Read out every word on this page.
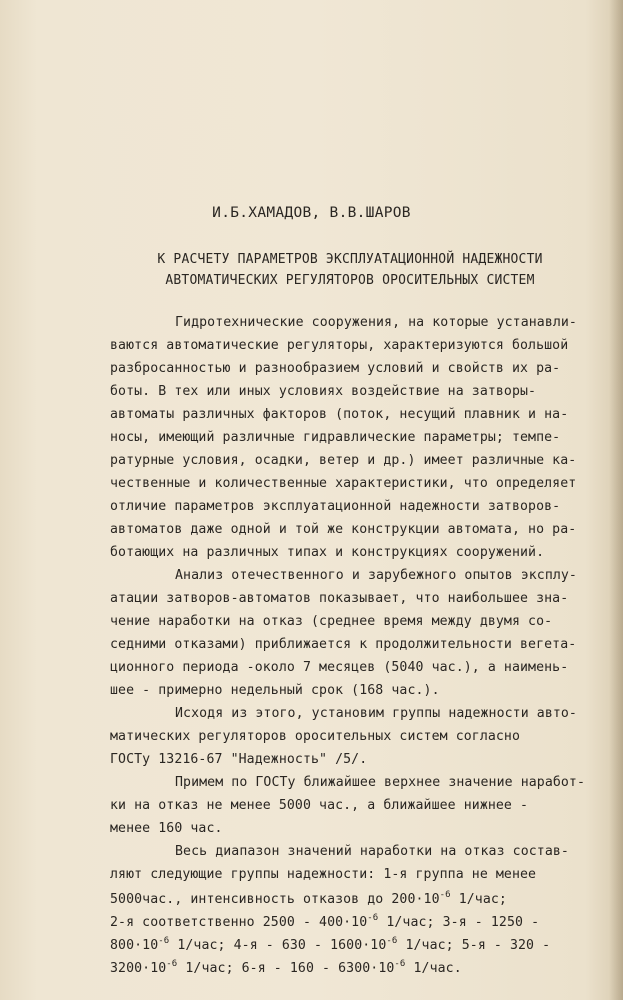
И.Б.ХАМАДОВ, В.В.ШАРОВ
К РАСЧЕТУ ПАРАМЕТРОВ ЭКСПЛУАТАЦИОННОЙ НАДЕЖНОСТИ
АВТОМАТИЧЕСКИХ РЕГУЛЯТОРОВ ОРОСИТЕЛЬНЫХ СИСТЕМ
Гидротехнические сооружения, на которые устанавли-
ваются автоматические регуляторы, характеризуются большой
разбросанностью и разнообразием условий и свойств их ра-
боты. В тех или иных условиях воздействие на затворы-
автоматы различных факторов (поток, несущий плавник и на-
носы, имеющий различные гидравлические параметры; темпе-
ратурные условия, осадки, ветер и др.) имеет различные ка-
чественные и количественные характеристики, что определяет
отличие параметров эксплуатационной надежности затворов-
автоматов даже одной и той же конструкции автомата, но ра-
ботающих на различных типах и конструкциях сооружений.
Анализ отечественного и зарубежного опытов эксплу-
атации затворов-автоматов показывает, что наибольшее зна-
чение наработки на отказ (среднее время между двумя со-
седними отказами) приближается к продолжительности вегета-
ционного периода -около 7 месяцев (5040 час.), а наимень-
шее - примерно недельный срок (168 час.).
Исходя из этого, установим группы надежности авто-
матических регуляторов оросительных систем согласно
ГОСТу 13216-67 "Надежность" /5/.
Примем по ГОСТу ближайшее верхнее значение наработ-
ки на отказ не менее 5000 час., а ближайшее нижнее -
менее 160 час.
Весь диапазон значений наработки на отказ состав-
ляют следующие группы надежности: 1-я группа не менее
5000час., интенсивность отказов до $200\cdot 10^{-6}$ 1/час;
2-я соответственно $2500 - 400\cdot 10^{-6}$ 1/час; 3-я - 1250 -
$800\cdot 10^{-6}$ 1/час; $4-я - 630 - 1600\cdot 10^{-6}$ 1/час; 5-я - 320 -
$3200\cdot 10^{-6}$ 1/час; $6-я - 160 - 6300\cdot 10^{-6}$ 1/час.
